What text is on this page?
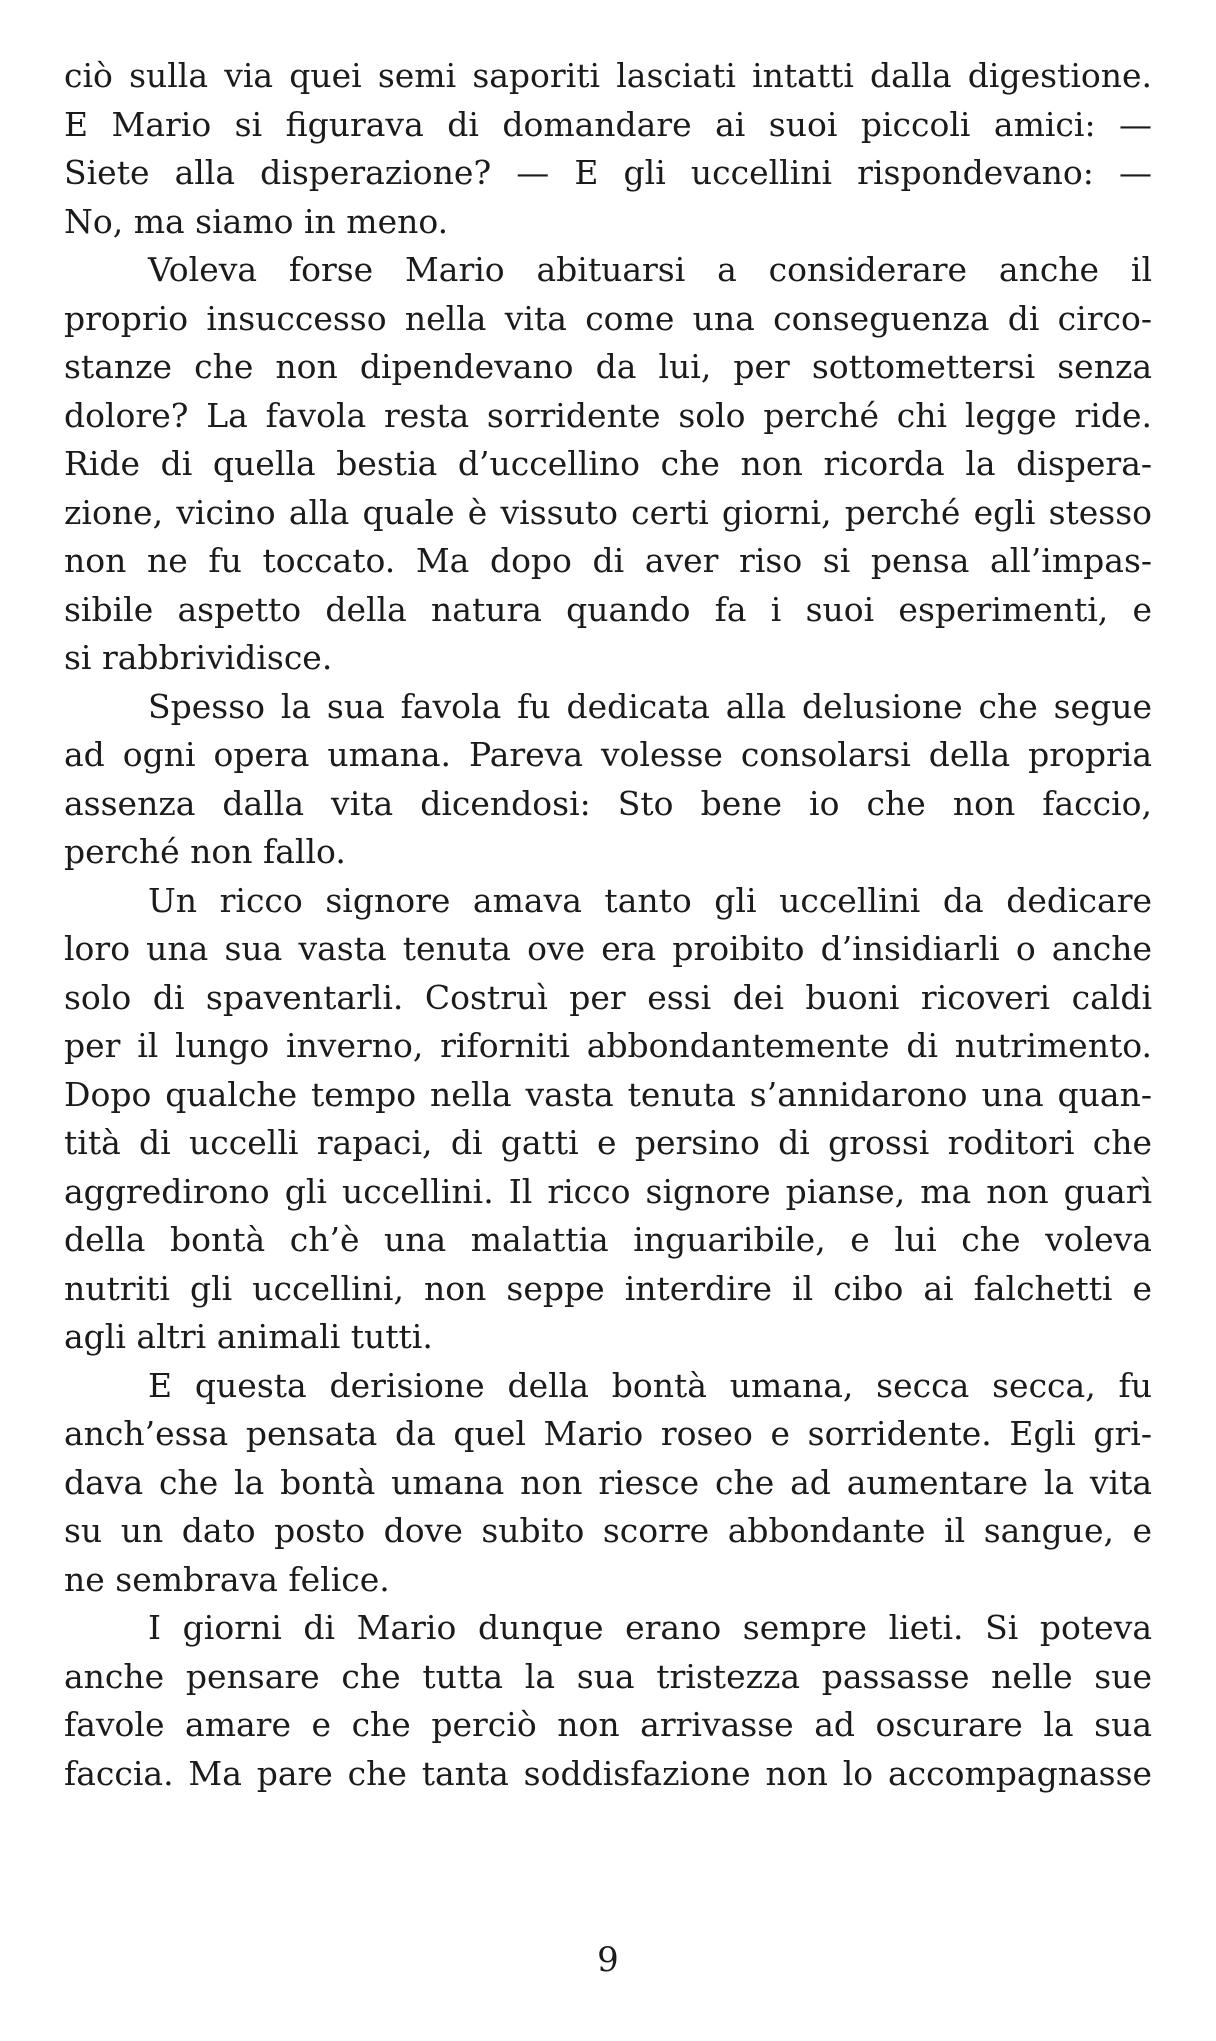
ciò sulla via quei semi saporiti lasciati intatti dalla digestione.
E Mario si figurava di domandare ai suoi piccoli amici: —
Siete alla disperazione? — E gli uccellini rispondevano: —
No, ma siamo in meno.
Voleva forse Mario abituarsi a considerare anche il
proprio insuccesso nella vita come una conseguenza di circo-
stanze che non dipendevano da lui, per sottomettersi senza
dolore? La favola resta sorridente solo perché chi legge ride.
Ride di quella bestia d’uccellino che non ricorda la dispera-
zione, vicino alla quale è vissuto certi giorni, perché egli stesso
non ne fu toccato. Ma dopo di aver riso si pensa all’impas-
sibile aspetto della natura quando fa i suoi esperimenti, e
si rabbrividisce.
Spesso la sua favola fu dedicata alla delusione che segue
ad ogni opera umana. Pareva volesse consolarsi della propria
assenza dalla vita dicendosi: Sto bene io che non faccio,
perché non fallo.
Un ricco signore amava tanto gli uccellini da dedicare
loro una sua vasta tenuta ove era proibito d’insidiarli o anche
solo di spaventarli. Costruì per essi dei buoni ricoveri caldi
per il lungo inverno, riforniti abbondantemente di nutrimento.
Dopo qualche tempo nella vasta tenuta s’annidarono una quan-
tità di uccelli rapaci, di gatti e persino di grossi roditori che
aggredirono gli uccellini. Il ricco signore pianse, ma non guarì
della bontà ch’è una malattia inguaribile, e lui che voleva
nutriti gli uccellini, non seppe interdire il cibo ai falchetti e
agli altri animali tutti.
E questa derisione della bontà umana, secca secca, fu
anch’essa pensata da quel Mario roseo e sorridente. Egli gri-
dava che la bontà umana non riesce che ad aumentare la vita
su un dato posto dove subito scorre abbondante il sangue, e
ne sembrava felice.
I giorni di Mario dunque erano sempre lieti. Si poteva
anche pensare che tutta la sua tristezza passasse nelle sue
favole amare e che perciò non arrivasse ad oscurare la sua
faccia. Ma pare che tanta soddisfazione non lo accompagnasse
9
